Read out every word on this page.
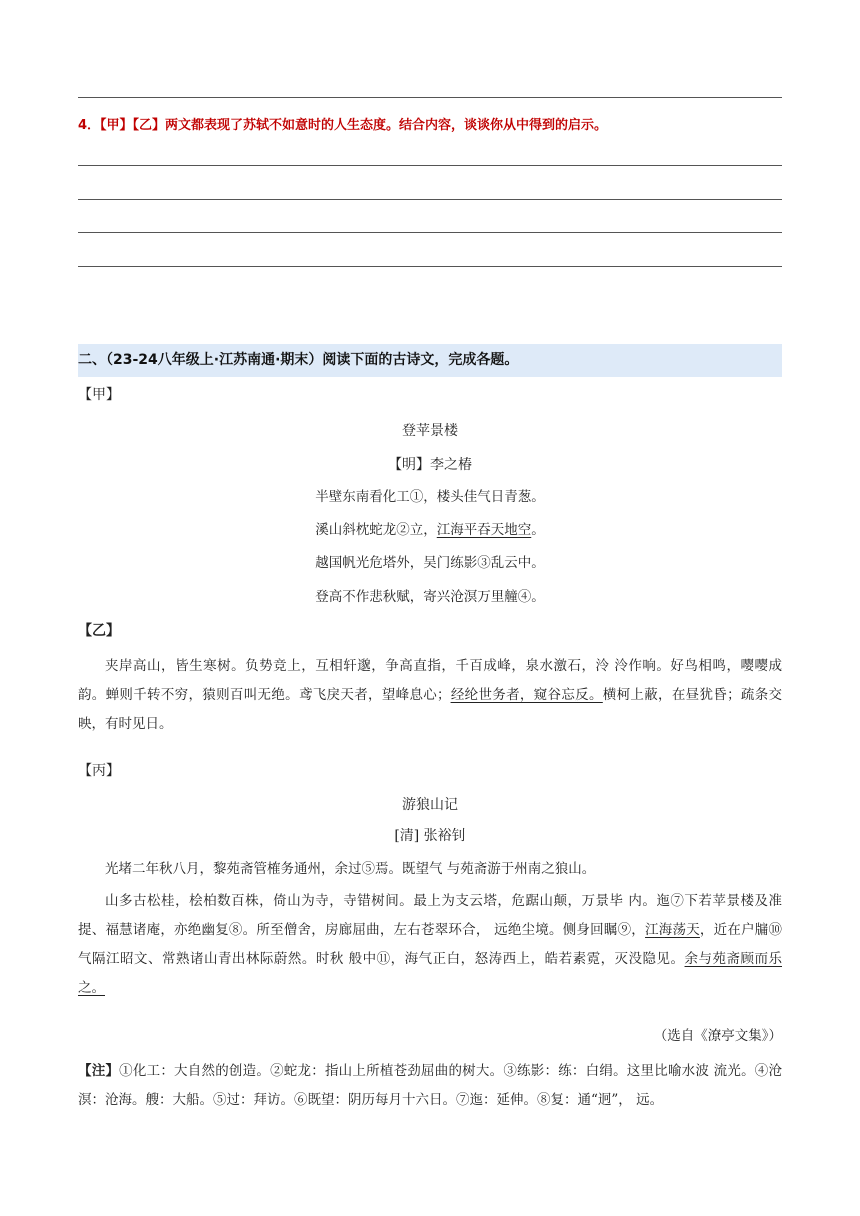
4．【甲】【乙】两文都表现了苏轼不如意时的人生态度。结合内容，谈谈你从中得到的启示。
二、（23-24八年级上·江苏南通·期末）阅读下面的古诗文，完成各题。
【甲】
登苹景楼
【明】李之椿
半壁东南看化工①，楼头佳气日青葱。
溪山斜枕蛇龙②立，江海平吞天地空。
越国帆光危塔外，吴门练影③乱云中。
登高不作悲秋赋，寄兴沧溟万里艟④。
【乙】
夹岸高山，皆生寒树。负势竞上，互相轩邈，争高直指，千百成峰，泉水激石，泠 泠作响。好鸟相鸣，嘤嘤成韵。蝉则千转不穷，猿则百叫无绝。鸢飞戾天者，望峰息心；经纶世务者，窥谷忘反。横柯上蔽，在昼犹昏；疏条交映，有时见日。
【丙】
游狼山记
[清] 张裕钊
光堵二年秋八月，黎苑斋管榷务通州，余过⑤焉。既望气 与苑斋游于州南之狼山。
山多古松桂，桧柏数百株，倚山为寺，寺错树间。最上为支云塔，危踞山颠，万景毕 内。迤⑦下若苹景楼及准提、福慧诸庵，亦绝幽复⑧。所至僧舍，房廊屈曲，左右苍翠环合， 远绝尘境。侧身回瞩⑨，江海荡天，近在户牖⑩气隔江昭文、常熟诸山青出林际蔚然。时秋 般中⑪，海气正白，怒涛西上，皓若素霓，灭没隐见。余与苑斋顾而乐之。
（选自《潦亭文集》）
【注】①化工：大自然的创造。②蛇龙：指山上所植苍劲屈曲的树大。③练影：练：白绢。这里比喻水波 流光。④沧溟：沧海。艘：大船。⑤过：拜访。⑥既望：阴历每月十六日。⑦迤：延伸。⑧复：通“迥”， 远。
